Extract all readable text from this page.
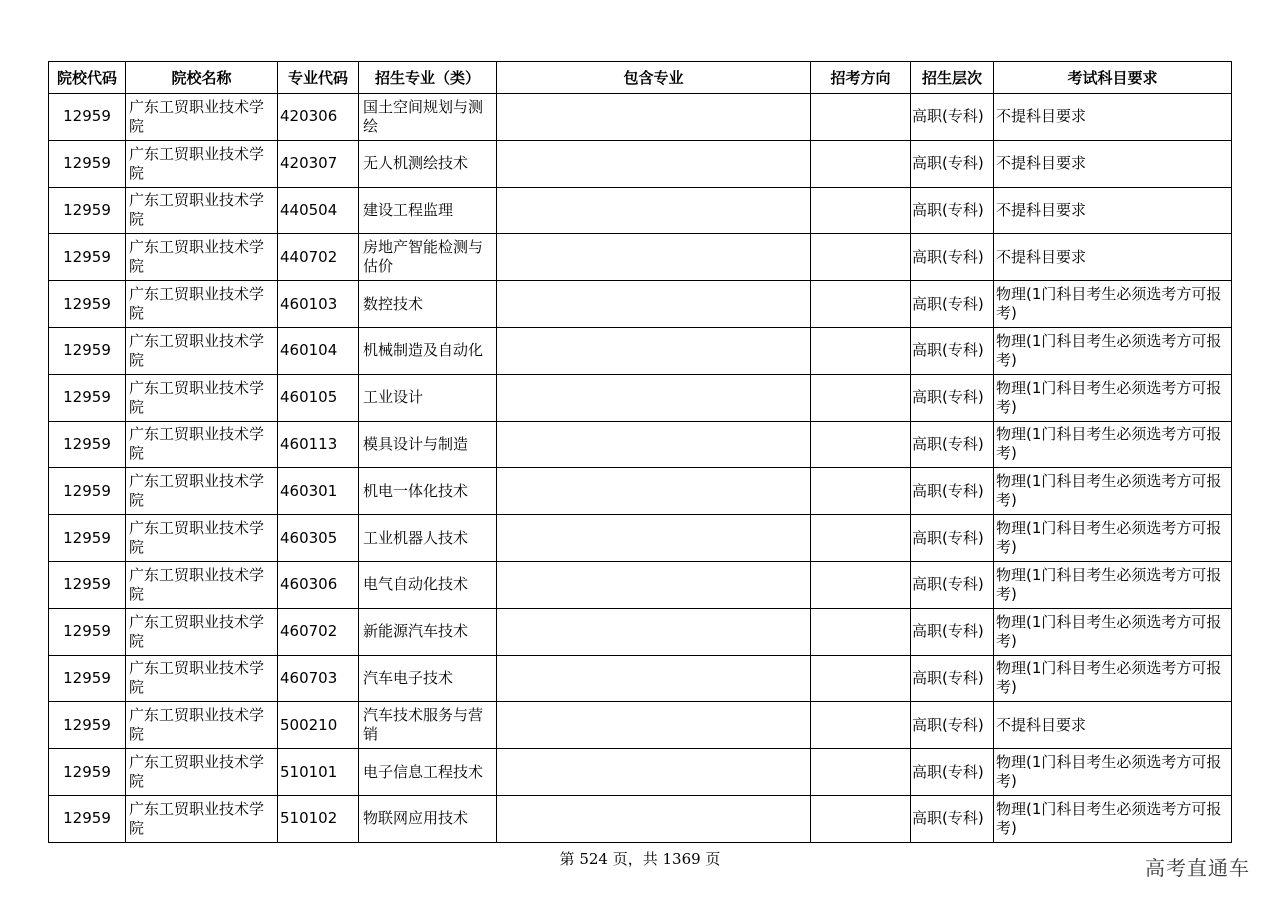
院校代码	院校名称	专业代码	招生专业（类）	包含专业	招考方向	招生层次	考试科目要求
12959	广东工贸职业技术学院	420306	国土空间规划与测绘			高职(专科)	不提科目要求
12959	广东工贸职业技术学院	420307	无人机测绘技术			高职(专科)	不提科目要求
12959	广东工贸职业技术学院	440504	建设工程监理			高职(专科)	不提科目要求
12959	广东工贸职业技术学院	440702	房地产智能检测与估价			高职(专科)	不提科目要求
12959	广东工贸职业技术学院	460103	数控技术			高职(专科)	物理(1门科目考生必须选考方可报考)
12959	广东工贸职业技术学院	460104	机械制造及自动化			高职(专科)	物理(1门科目考生必须选考方可报考)
12959	广东工贸职业技术学院	460105	工业设计			高职(专科)	物理(1门科目考生必须选考方可报考)
12959	广东工贸职业技术学院	460113	模具设计与制造			高职(专科)	物理(1门科目考生必须选考方可报考)
12959	广东工贸职业技术学院	460301	机电一体化技术			高职(专科)	物理(1门科目考生必须选考方可报考)
12959	广东工贸职业技术学院	460305	工业机器人技术			高职(专科)	物理(1门科目考生必须选考方可报考)
12959	广东工贸职业技术学院	460306	电气自动化技术			高职(专科)	物理(1门科目考生必须选考方可报考)
12959	广东工贸职业技术学院	460702	新能源汽车技术			高职(专科)	物理(1门科目考生必须选考方可报考)
12959	广东工贸职业技术学院	460703	汽车电子技术			高职(专科)	物理(1门科目考生必须选考方可报考)
12959	广东工贸职业技术学院	500210	汽车技术服务与营销			高职(专科)	不提科目要求
12959	广东工贸职业技术学院	510101	电子信息工程技术			高职(专科)	物理(1门科目考生必须选考方可报考)
12959	广东工贸职业技术学院	510102	物联网应用技术			高职(专科)	物理(1门科目考生必须选考方可报考)
第 524 页，共 1369 页	高考直通车
